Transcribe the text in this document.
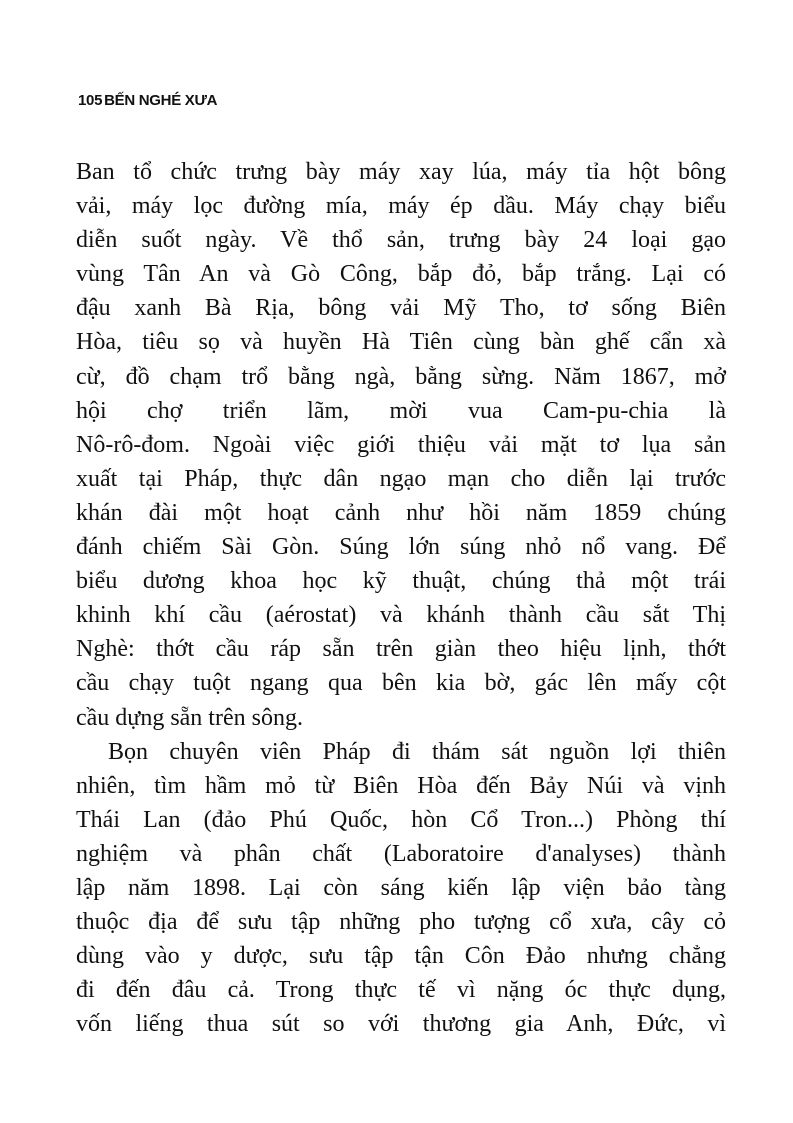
105 BẾN NGHÉ XƯA
Ban tổ chức trưng bày máy xay lúa, máy tỉa hột bông
vải, máy lọc đường mía, máy ép dầu. Máy chạy biểu
diễn suốt ngày. Về thổ sản, trưng bày 24 loại gạo
vùng Tân An và Gò Công, bắp đỏ, bắp trắng. Lại có
đậu xanh Bà Rịa, bông vải Mỹ Tho, tơ sống Biên
Hòa, tiêu sọ và huyền Hà Tiên cùng bàn ghế cẩn xà
cừ, đồ chạm trổ bằng ngà, bằng sừng. Năm 1867, mở
hội chợ triển lãm, mời vua Cam-pu-chia là
Nô-rô-đom. Ngoài việc giới thiệu vải mặt tơ lụa sản
xuất tại Pháp, thực dân ngạo mạn cho diễn lại trước
khán đài một hoạt cảnh như hồi năm 1859 chúng
đánh chiếm Sài Gòn. Súng lớn súng nhỏ nổ vang. Để
biểu dương khoa học kỹ thuật, chúng thả một trái
khinh khí cầu (aérostat) và khánh thành cầu sắt Thị
Nghè: thớt cầu ráp sẵn trên giàn theo hiệu lịnh, thớt
cầu chạy tuột ngang qua bên kia bờ, gác lên mấy cột
cầu dựng sẵn trên sông.
Bọn chuyên viên Pháp đi thám sát nguồn lợi thiên
nhiên, tìm hầm mỏ từ Biên Hòa đến Bảy Núi và vịnh
Thái Lan (đảo Phú Quốc, hòn Cổ Tron...) Phòng thí
nghiệm và phân chất (Laboratoire d'analyses) thành
lập năm 1898. Lại còn sáng kiến lập viện bảo tàng
thuộc địa để sưu tập những pho tượng cổ xưa, cây cỏ
dùng vào y dược, sưu tập tận Côn Đảo nhưng chẳng
đi đến đâu cả. Trong thực tế vì nặng óc thực dụng,
vốn liếng thua sút so với thương gia Anh, Đức, vì
